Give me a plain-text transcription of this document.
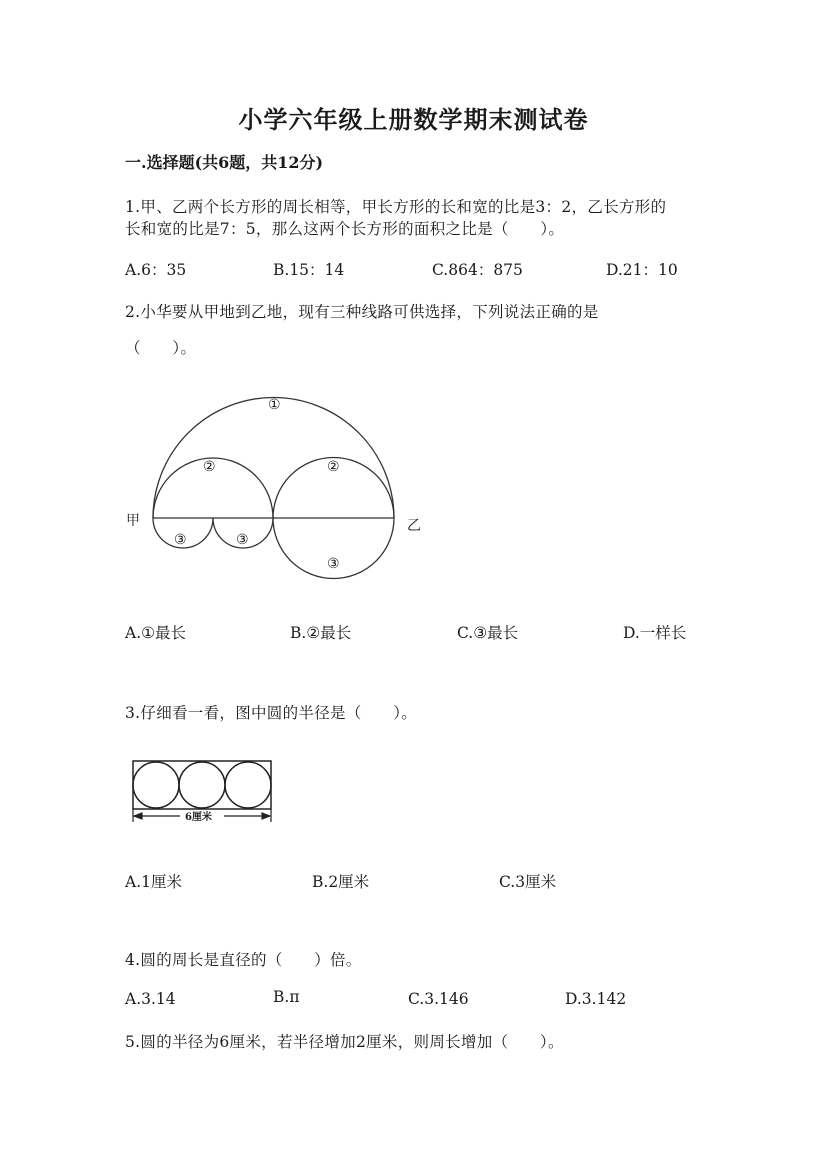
小学六年级上册数学期末测试卷
一.选择题(共6题，共12分)
1.甲、乙两个长方形的周长相等，甲长方形的长和宽的比是3：2，乙长方形的
长和宽的比是7：5，那么这两个长方形的面积之比是（　　）。
A.6：35	B.15：14	C.864：875	D.21：10
2.小华要从甲地到乙地，现有三种线路可供选择，下列说法正确的是
（　　）。
甲	乙
①
②	②
③	③
③
A.①最长	B.②最长	C.③最长	D.一样长
3.仔细看一看，图中圆的半径是（　　）。
6厘米
A.1厘米	B.2厘米	C.3厘米
4.圆的周长是直径的（　　）倍。
A.3.14	B.π	C.3.146	D.3.142
5.圆的半径为6厘米，若半径增加2厘米，则周长增加（　　）。
